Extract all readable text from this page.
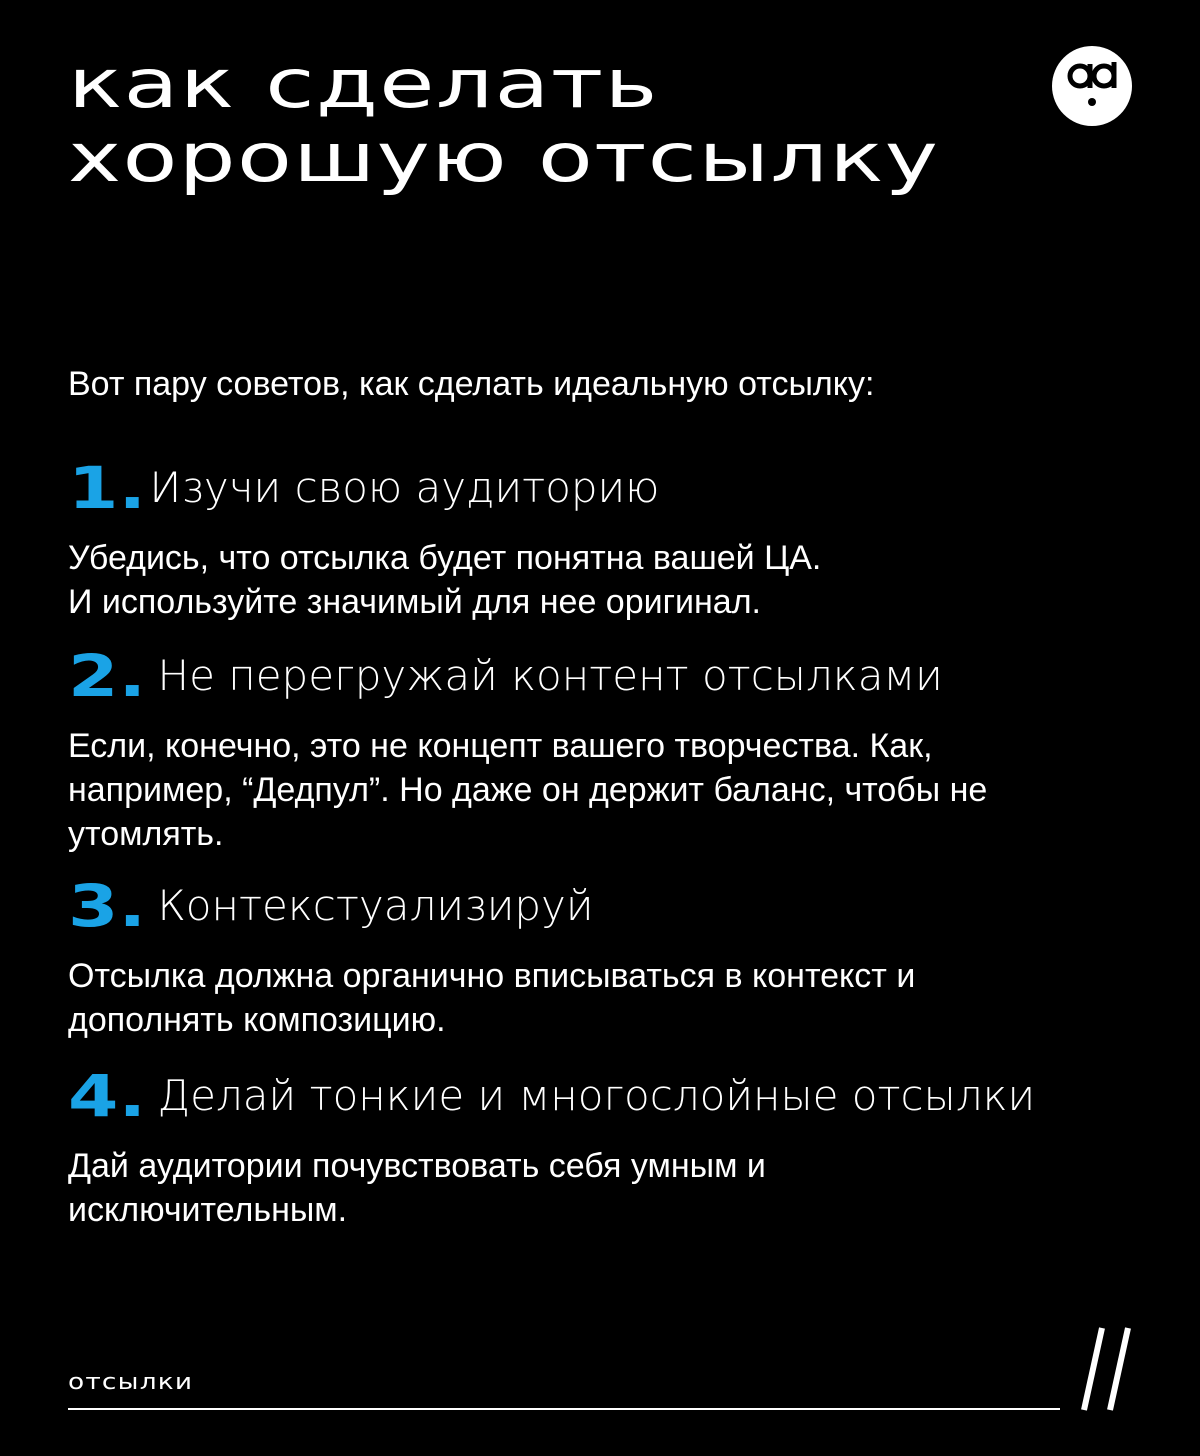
как сделать
хорошую отсылку

Вот пару советов, как сделать идеальную отсылку:

1. Изучи свою аудиторию

Убедись, что отсылка будет понятна вашей ЦА.
И используйте значимый для нее оригинал.

2. Не перегружай контент отсылками

Если, конечно, это не концепт вашего творчества. Как,
например, “Дедпул”. Но даже он держит баланс, чтобы не
утомлять.

3. Контекстуализируй

Отсылка должна органично вписываться в контекст и
дополнять композицию.

4. Делай тонкие и многослойные отсылки

Дай аудитории почувствовать себя умным и
исключительным.

отсылки
